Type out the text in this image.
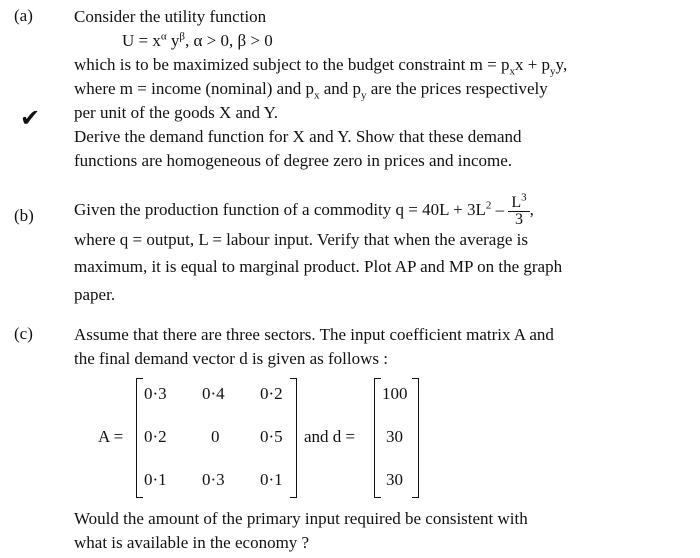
(a) Consider the utility function
$U = x^\alpha$ $y^\beta$, α > 0, β > 0
which is to be maximized subject to the budget constraint $m = p_xx + p_yy$,
where m = income (nominal) and $p_x$ and $p_y$ are the prices respectively
per unit of the goods X and Y.
Derive the demand function for X and Y. Show that these demand
functions are homogeneous of degree zero in prices and income.
✔
(b) Given the production function of a commodity $q = 40L + 3L^2 - \frac{L^3}{3}$ ,
where q = output, L = labour input. Verify that when the average is
maximum, it is equal to marginal product. Plot AP and MP on the graph
paper.
(c) Assume that there are three sectors. The input coefficient matrix A and
the final demand vector d is given as follows :
A =
0·3 0·4 0·2
0·2	0 0·5
0·1 0·3 0·1
and d =
100
30
30
Would the amount of the primary input required be consistent with
what is available in the economy ?
